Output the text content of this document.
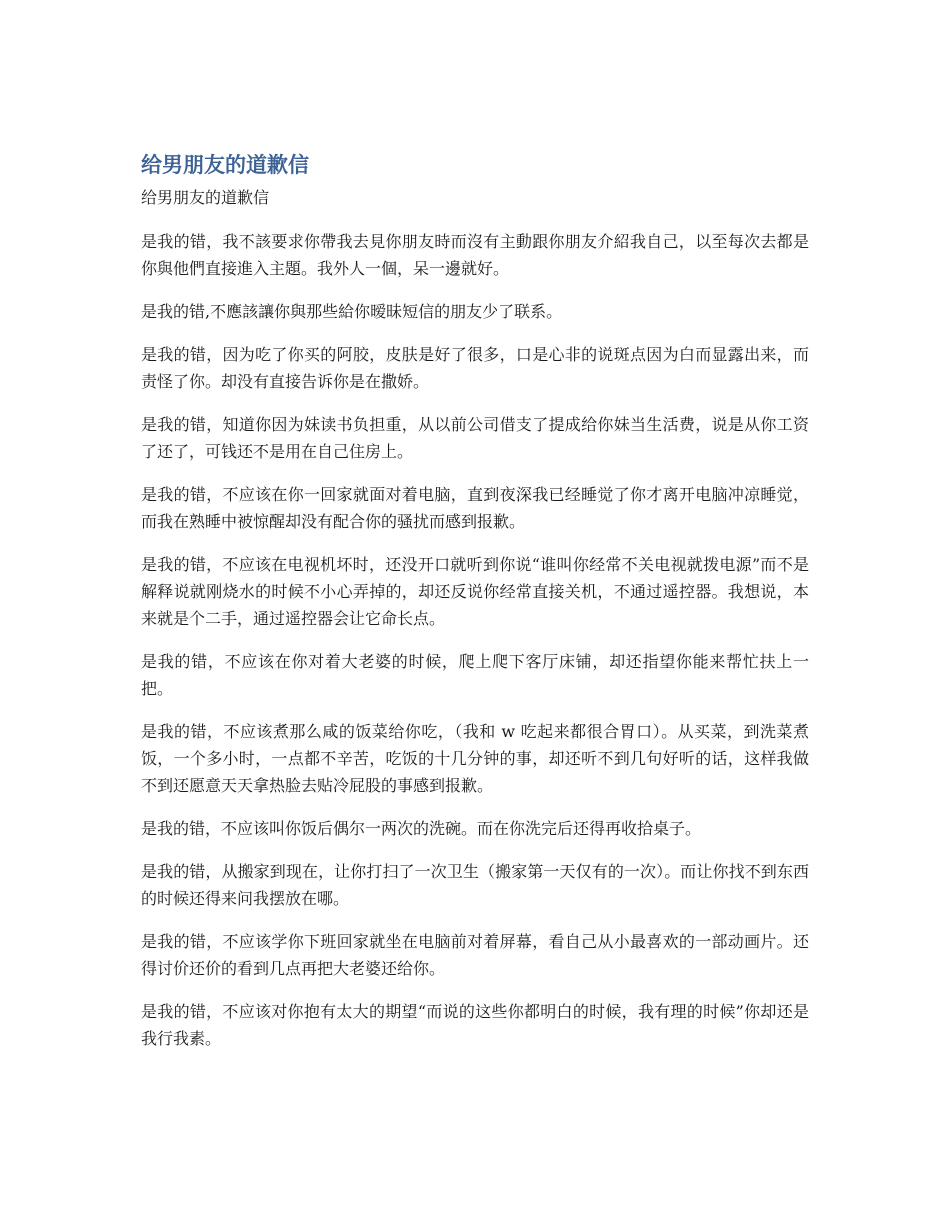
给男朋友的道歉信
给男朋友的道歉信

是我的错，我不該要求你帶我去見你朋友時而沒有主動跟你朋友介紹我自己，以至每次去都是你與他們直接進入主題。我外人一個，呆一邊就好。

是我的错,不應該讓你與那些給你暧昧短信的朋友少了联系。

是我的错，因为吃了你买的阿胶，皮肤是好了很多，口是心非的说斑点因为白而显露出来，而责怪了你。却没有直接告诉你是在撒娇。

是我的错，知道你因为妹读书负担重，从以前公司借支了提成给你妹当生活费，说是从你工资了还了，可钱还不是用在自己住房上。

是我的错，不应该在你一回家就面对着电脑，直到夜深我已经睡觉了你才离开电脑冲凉睡觉，而我在熟睡中被惊醒却没有配合你的骚扰而感到报歉。

是我的错，不应该在电视机坏时，还没开口就听到你说“谁叫你经常不关电视就拨电源”而不是解释说就刚烧水的时候不小心弄掉的，却还反说你经常直接关机，不通过遥控器。我想说，本来就是个二手，通过遥控器会让它命长点。

是我的错，不应该在你对着大老婆的时候，爬上爬下客厅床铺，却还指望你能来帮忙扶上一把。

是我的错，不应该煮那么咸的饭菜给你吃，（我和 w 吃起来都很合胃口）。从买菜，到洗菜煮饭，一个多小时，一点都不辛苦，吃饭的十几分钟的事，却还听不到几句好听的话，这样我做不到还愿意天天拿热脸去贴冷屁股的事感到报歉。

是我的错，不应该叫你饭后偶尔一两次的洗碗。而在你洗完后还得再收拾桌子。

是我的错，从搬家到现在，让你打扫了一次卫生（搬家第一天仅有的一次）。而让你找不到东西的时候还得来问我摆放在哪。

是我的错，不应该学你下班回家就坐在电脑前对着屏幕，看自己从小最喜欢的一部动画片。还得讨价还价的看到几点再把大老婆还给你。

是我的错，不应该对你抱有太大的期望“而说的这些你都明白的时候，我有理的时候”你却还是我行我素。
